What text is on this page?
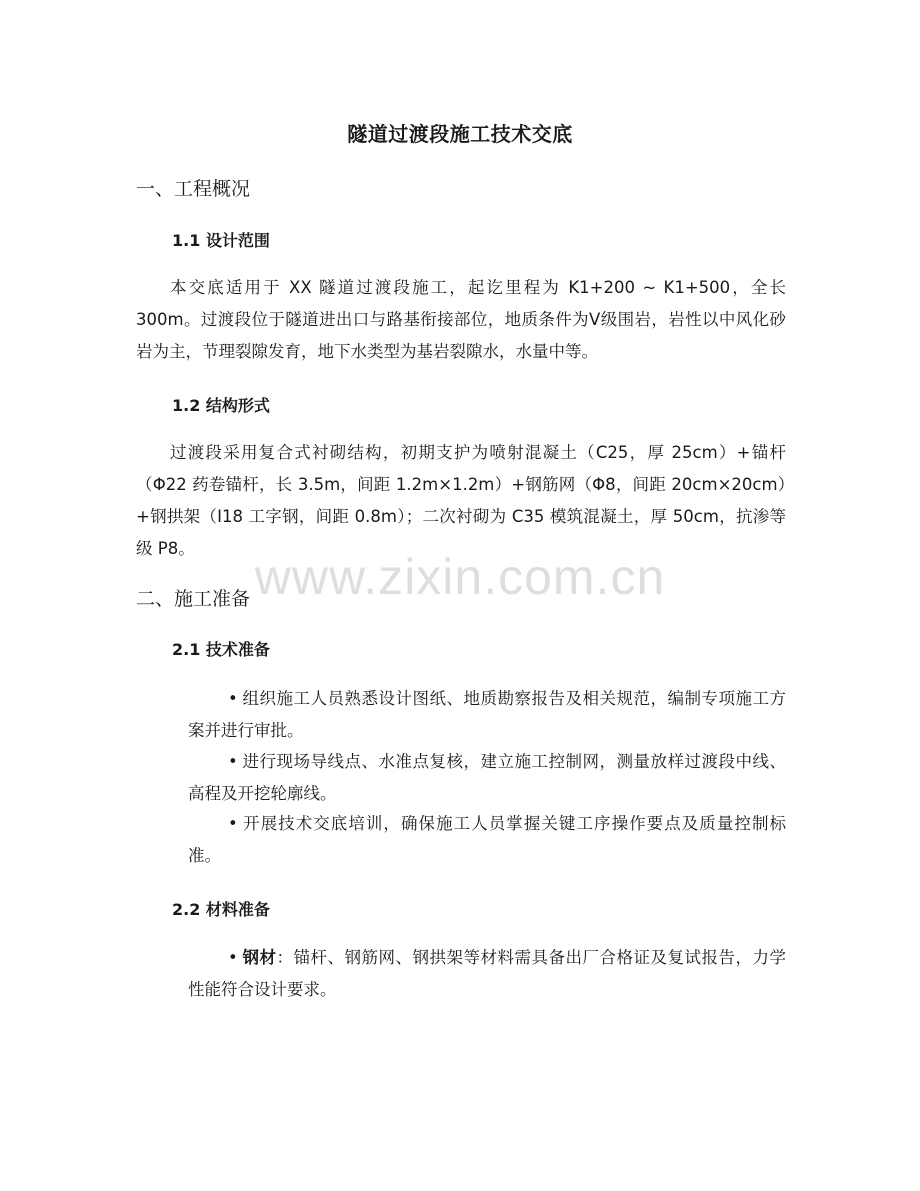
隧道过渡段施工技术交底
一、工程概况
1.1 设计范围

本交底适用于 XX 隧道过渡段施工，起讫里程为 K1+200 ~ K1+500，全长 300m。过渡段位于隧道进出口与路基衔接部位，地质条件为Ⅴ级围岩，岩性以中风化砂岩为主，节理裂隙发育，地下水类型为基岩裂隙水，水量中等。

1.2 结构形式

过渡段采用复合式衬砌结构，初期支护为喷射混凝土（C25，厚 25cm）+锚杆（Φ22 药卷锚杆，长 3.5m，间距 1.2m×1.2m）+钢筋网（Φ8，间距 20cm×20cm）+钢拱架（I18 工字钢，间距 0.8m）；二次衬砌为 C35 模筑混凝土，厚 50cm，抗渗等级 P8。

二、施工准备
2.1 技术准备

• 组织施工人员熟悉设计图纸、地质勘察报告及相关规范，编制专项施工方案并进行审批。

• 进行现场导线点、水准点复核，建立施工控制网，测量放样过渡段中线、高程及开挖轮廓线。

• 开展技术交底培训，确保施工人员掌握关键工序操作要点及质量控制标准。

2.2 材料准备

• 钢材：锚杆、钢筋网、钢拱架等材料需具备出厂合格证及复试报告，力学性能符合设计要求。

www.zixin.com.cn
